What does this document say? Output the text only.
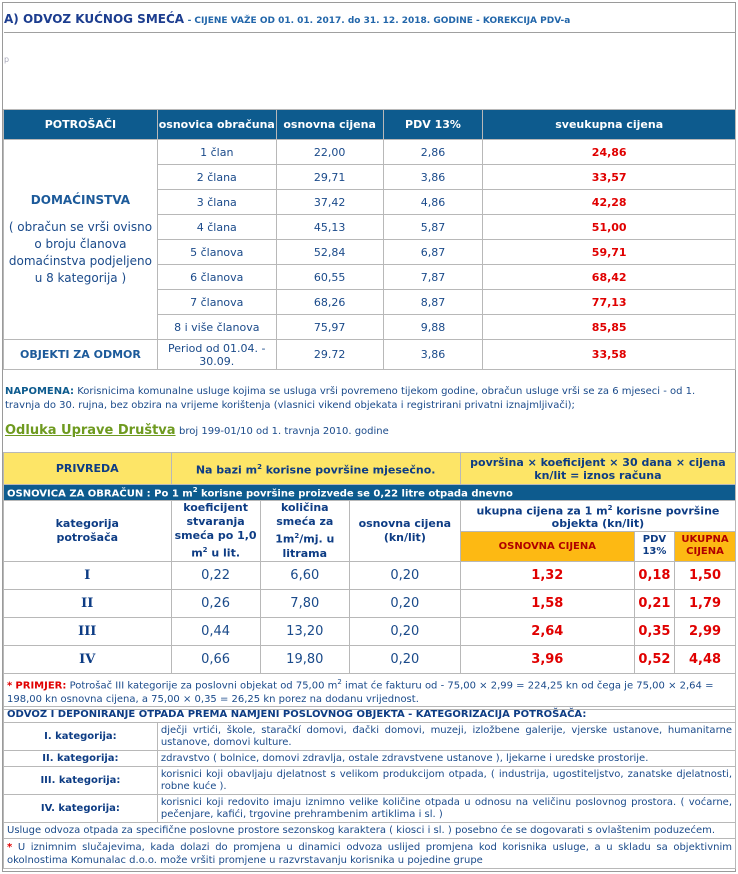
A) ODVOZ KUĆNOG SMEĆA - CIJENE VAŽE OD 01. 01. 2017. do 31. 12. 2018. GODINE - KOREKCIJA PDV-a
p
POTROŠAČI	osnovica obračuna	osnovna cijena	PDV 13%	sveukupna cijena

DOMAĆINSTVA
( obračun se vrši ovisno o broju članova domaćinstva podjeljeno u 8 kategorija )	1 član	22,00	2,86	24,86
	2 člana	29,71	3,86	33,57
	3 člana	37,42	4,86	42,28
	4 člana	45,13	5,87	51,00
	5 članova	52,84	6,87	59,71
	6 članova	60,55	7,87	68,42
	7 članova	68,26	8,87	77,13
	8 i više članova	75,97	9,88	85,85
OBJEKTI ZA ODMOR	Period od 01.04. - 30.09.	29.72	3,86	33,58
NAPOMENA: Korisnicima komunalne usluge kojima se usluga vrši povremeno tijekom godine, obračun usluge vrši se za 6 mjeseci - od 1. travnja do 30. rujna, bez obzira na vrijeme korištenja (vlasnici vikend objekata i registrirani privatni iznajmljivači);
Odluka Uprave Društva broj 199-01/10 od 1. travnja 2010. godine
PRIVREDA	Na bazi $m^2$ korisne površine mjesečno.			površina × koeficijent × 30 dana × cijena kn/lit = iznos računa		
OSNOVICA ZA OBRAČUN : Po 1 $m^2$ korisne površine proizvede se 0,22 litre otpada dnevno						
kategorija potrošača	koeficijent stvaranja smeća po 1,0 $m^2$ u lit.	količina smeća za $1m^2/mj$. u litrama	osnovna cijena (kn/lit)	ukupna cijena za 1 $m^2$ korisne površine objekta (kn/lit)		
				OSNOVNA CIJENA	PDV 13%	UKUPNA CIJENA
I	0,22	6,60	0,20	1,32	0,18	1,50
II	0,26	7,80	0,20	1,58	0,21	1,79
III	0,44	13,20	0,20	2,64	0,35	2,99
IV	0,66	19,80	0,20	3,96	0,52	4,48
* PRIMJER: Potrošač III kategorije za poslovni objekat od 75,00 $m^2$ imat će fakturu od - 75,00 × 2,99 = 224,25 kn od čega je 75,00 × 2,64 = 198,00 kn osnovna cijena, a 75,00 × 0,35 = 26,25 kn porez na dodanu vrijednost.						
ODVOZ I DEPONIRANJE OTPADA PREMA NAMJENI POSLOVNOG OBJEKTA - KATEGORIZACIJA POTROŠAČA:	
I. kategorija:	dječji vrtići, škole, staračkí domovi, đački domovi, muzeji, izložbene galerije, vjerske ustanove, humanitarne ustanove, domovi kulture.
II. kategorija:	zdravstvo ( bolnice, domovi zdravlja, ostale zdravstvene ustanove ), ljekarne i uredske prostorije.
III. kategorija:	korisnici koji obavljaju djelatnost s velikom produkcijom otpada, ( industrija, ugostiteljstvo, zanatske djelatnosti, robne kuće ).
IV. kategorija:	korisnici koji redovito imaju iznimno velike količine otpada u odnosu na veličinu poslovnog prostora. ( voćarne, pečenjare, kafići, trgovine prehrambenim artiklima i sl. )
Usluge odvoza otpada za specifične poslovne prostore sezonskog karaktera ( kiosci i sl. ) posebno će se dogovarati s ovlaštenim poduzećem.	
* U iznimnim slučajevima, kada dolazi do promjena u dinamici odvoza uslijed promjena kod korisnika usluge, a u skladu sa objektivnim okolnostima Komunalac d.o.o. može vršiti promjene u razvrstavanju korisnika u pojedine grupe	
